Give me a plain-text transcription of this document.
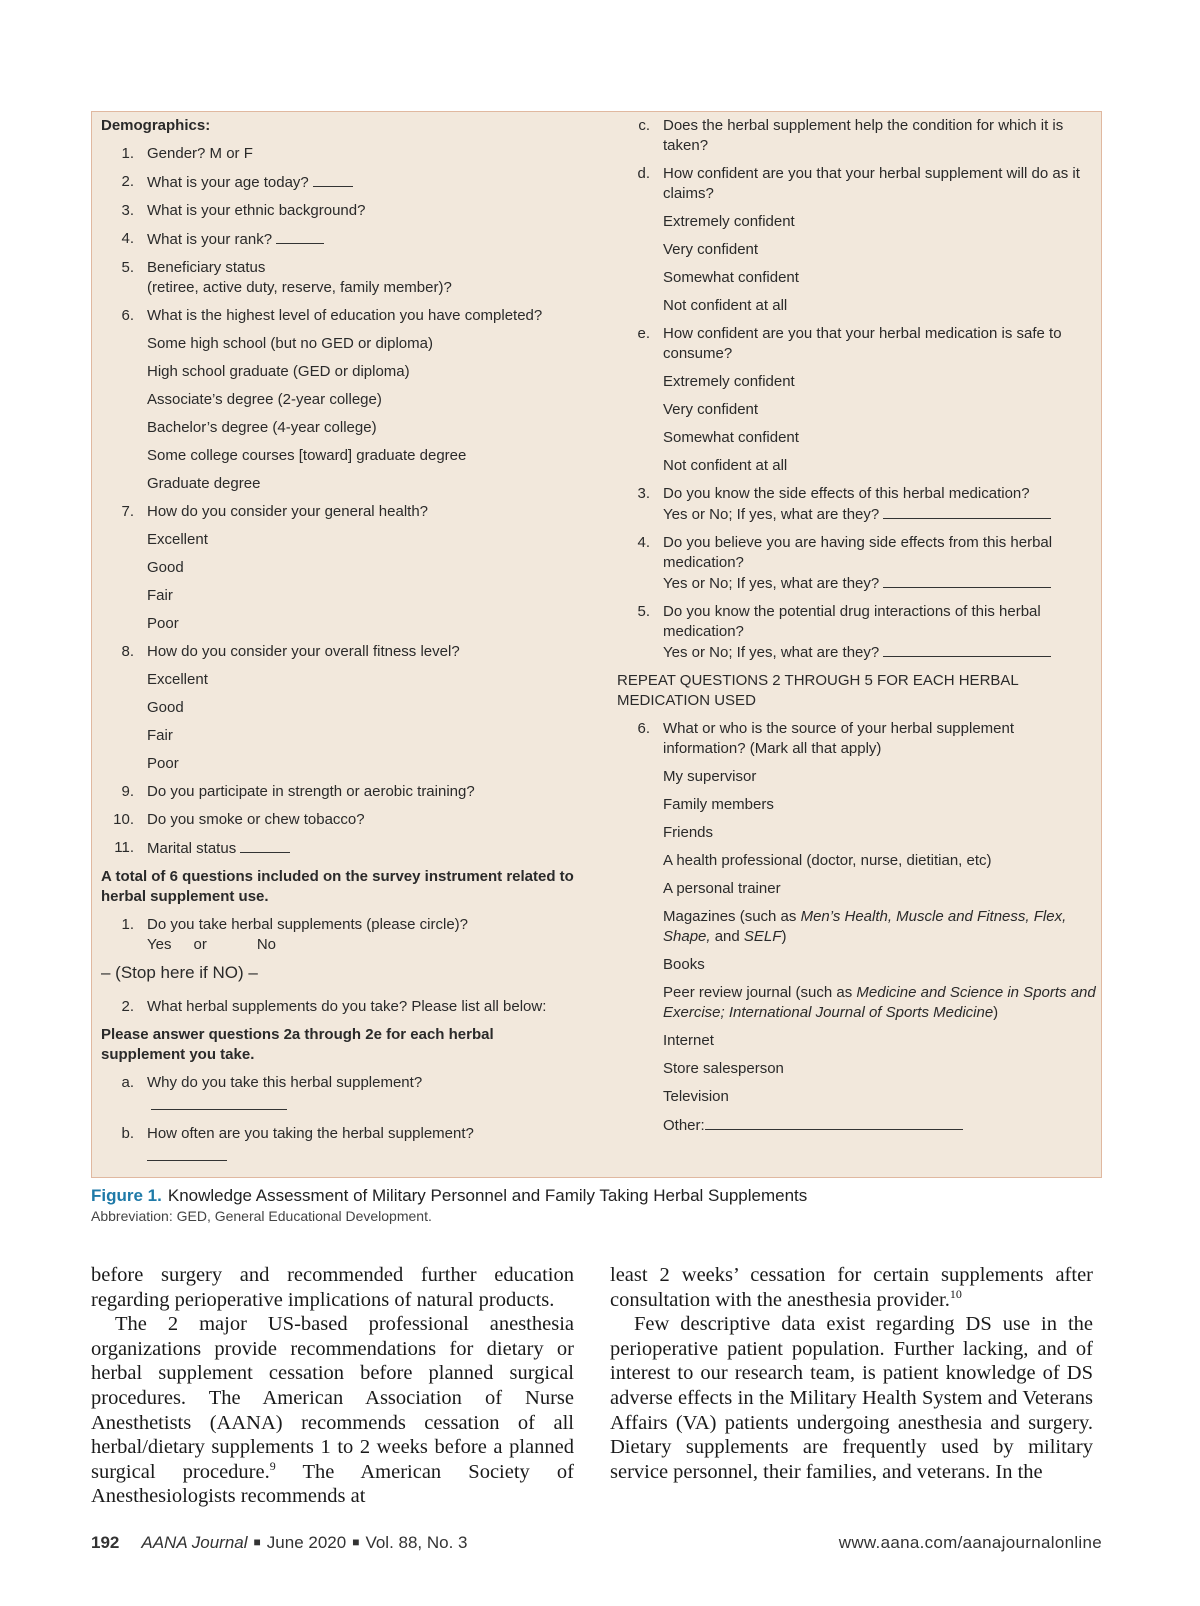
Demographics:
1. Gender? M or F
2. What is your age today?
3. What is your ethnic background?
4. What is your rank?
5. Beneficiary status
(retiree, active duty, reserve, family member)?
6. What is the highest level of education you have completed?
Some high school (but no GED or diploma)
High school graduate (GED or diploma)
Associate’s degree (2-year college)
Bachelor’s degree (4-year college)
Some college courses [toward] graduate degree
Graduate degree
7. How do you consider your general health?
Excellent
Good
Fair
Poor
8. How do you consider your overall fitness level?
Excellent
Good
Fair
Poor
9. Do you participate in strength or aerobic training?
10. Do you smoke or chew tobacco?
11. Marital status
A total of 6 questions included on the survey instrument related to herbal supplement use.
1. Do you take herbal supplements (please circle)?
Yes or	No
– (Stop here if NO) –
2. What herbal supplements do you take? Please list all below:
Please answer questions 2a through 2e for each herbal supplement you take.
a. Why do you take this herbal supplement?
b. How often are you taking the herbal supplement?
c. Does the herbal supplement help the condition for which it is taken?
d. How confident are you that your herbal supplement will do as it claims?
Extremely confident
Very confident
Somewhat confident
Not confident at all
e. How confident are you that your herbal medication is safe to consume?
Extremely confident
Very confident
Somewhat confident
Not confident at all
3. Do you know the side effects of this herbal medication?
Yes or No; If yes, what are they?
4. Do you believe you are having side effects from this herbal medication?
Yes or No; If yes, what are they?
5. Do you know the potential drug interactions of this herbal medication?
Yes or No; If yes, what are they?
REPEAT QUESTIONS 2 THROUGH 5 FOR EACH HERBAL MEDICATION USED
6. What or who is the source of your herbal supplement information? (Mark all that apply)
My supervisor
Family members
Friends
A health professional (doctor, nurse, dietitian, etc)
A personal trainer
Magazines (such as Men’s Health, Muscle and Fitness, Flex, Shape, and SELF)
Books
Peer review journal (such as Medicine and Science in Sports and Exercise; International Journal of Sports Medicine)
Internet
Store salesperson
Television
Other:
Figure 1. Knowledge Assessment of Military Personnel and Family Taking Herbal Supplements
Abbreviation: GED, General Educational Development.

before surgery and recommended further education regarding perioperative implications of natural products.

The 2 major US-based professional anesthesia organizations provide recommendations for dietary or herbal supplement cessation before planned surgical procedures. The American Association of Nurse Anesthetists (AANA) recommends cessation of all herbal/dietary supplements 1 to 2 weeks before a planned surgical procedure.$^9$ The American Society of Anesthesiologists recommends at

least 2 weeks’ cessation for certain supplements after consultation with the anesthesia provider.$^{10}$

Few descriptive data exist regarding DS use in the perioperative patient population. Further lacking, and of interest to our research team, is patient knowledge of DS adverse effects in the Military Health System and Veterans Affairs (VA) patients undergoing anesthesia and surgery. Dietary supplements are frequently used by military service personnel, their families, and veterans. In the

192 AANA Journal ■ June 2020 ■ Vol. 88, No. 3	www.aana.com/aanajournalonline
